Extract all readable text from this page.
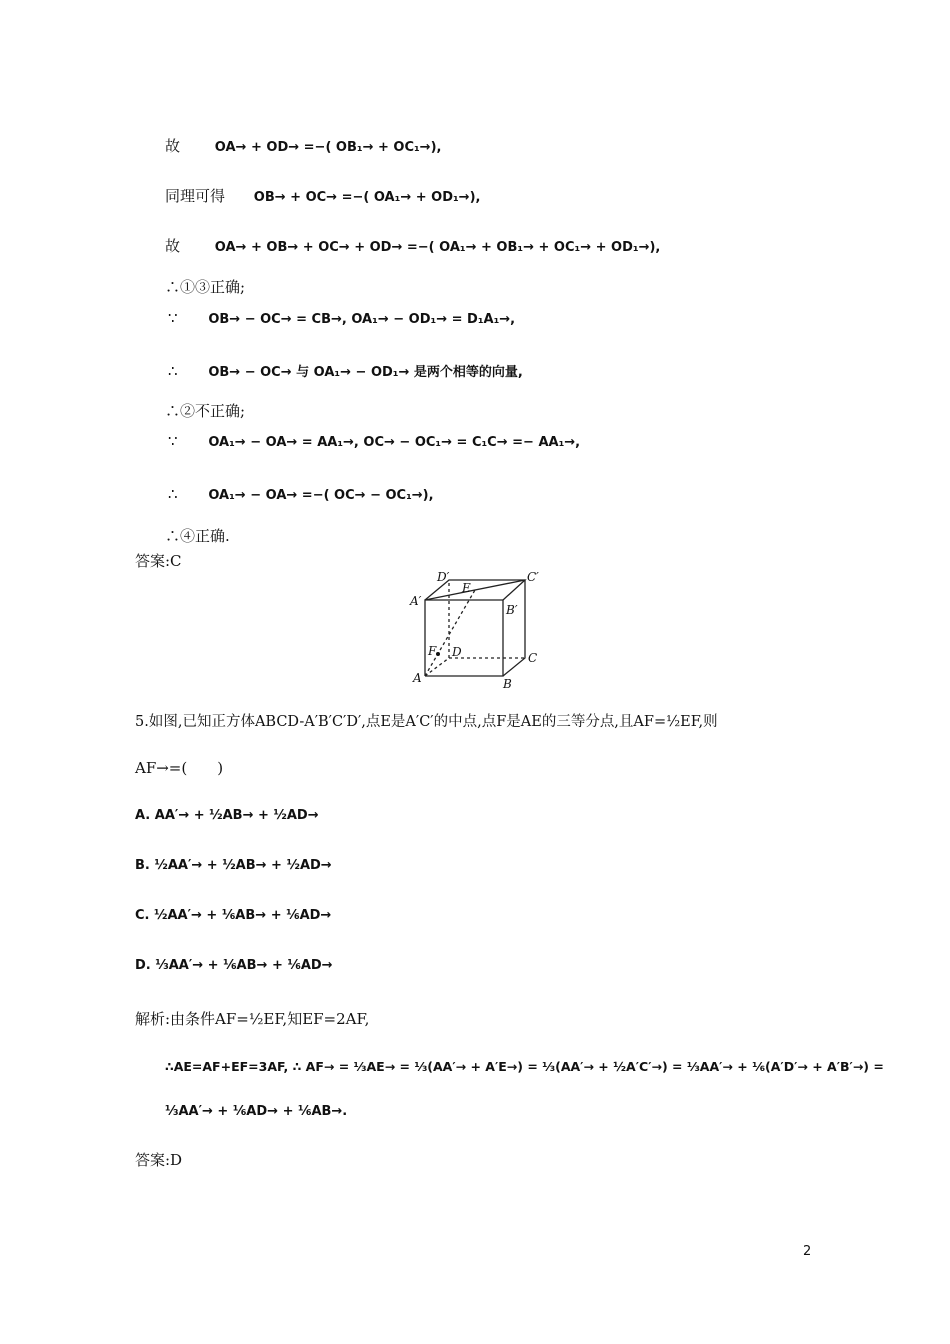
故	OA→ + OD→ =−( OB₁→ + OC₁→),
同理可得 OB→ + OC→ =−( OA₁→ + OD₁→),
故	OA→ + OB→ + OC→ + OD→ =−( OA₁→ + OB₁→ + OC₁→ + OD₁→),
∴①③正确;
∵ OB→ − OC→ = CB→, OA₁→ − OD₁→ = D₁A₁→,
∴ OB→ − OC→ 与 OA₁→ − OD₁→ 是两个相等的向量,
∴②不正确;
∵ OA₁→ − OA→ = AA₁→, OC→ − OC₁→ = C₁C→ =− AA₁→,
∴ OA₁→ − OA→ =−( OC→ − OC₁→),
∴④正确.
答案:C
D′	C′
E
A′
B′
F D	C
A	B
5.如图,已知正方体ABCD-A′B′C′D′,点E是A′C′的中点,点F是AE的三等分点,且AF=½EF,则
AF→=(　　)
A. AA′→ + ½AB→ + ½AD→
B. ½AA′→ + ½AB→ + ½AD→
C. ½AA′→ + ⅙AB→ + ⅙AD→
D. ⅓AA′→ + ⅙AB→ + ⅙AD→
解析:由条件AF=½EF,知EF=2AF,
∴AE=AF+EF=3AF, ∴ AF→ = ⅓AE→ = ⅓(AA′→ + A′E→) = ⅓(AA′→ + ½A′C′→) = ⅓AA′→ + ⅙(A′D′→ + A′B′→) =
⅓AA′→ + ⅙AD→ + ⅙AB→.
答案:D
2
